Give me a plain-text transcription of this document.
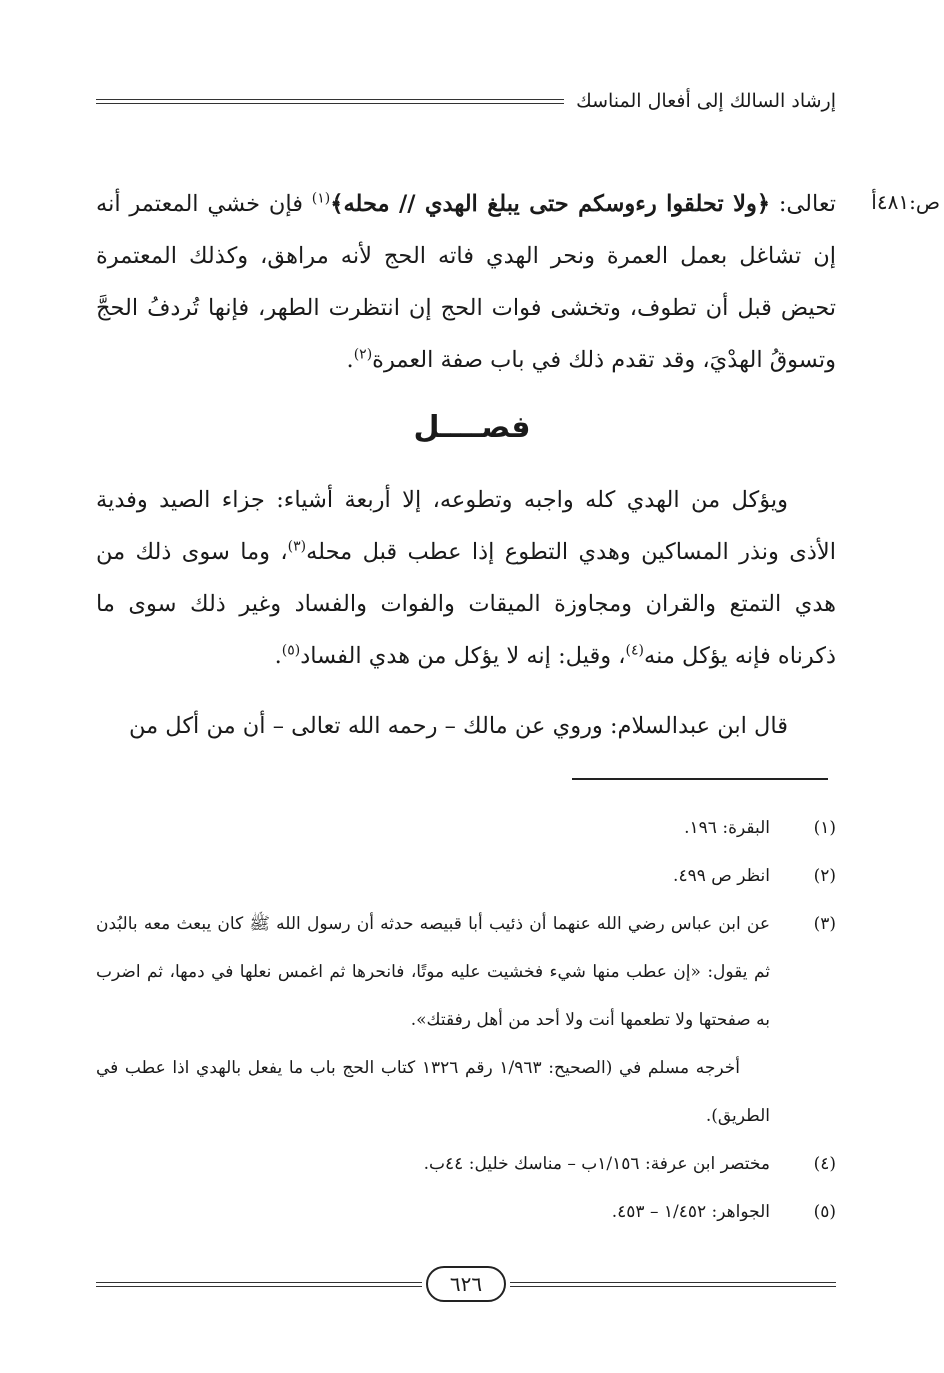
إرشاد السالك إلى أفعال المناسك
ص:٤٨١أ

تعالى: ﴿ولا تحلقوا رءوسكم حتى يبلغ الهدي // محله﴾$^{(١)}$ فإن خشي المعتمر أنه إن تشاغل بعمل العمرة ونحر الهدي فاته الحج لأنه مراهق، وكذلك المعتمرة تحيض قبل أن تطوف، وتخشى فوات الحج إن انتظرت الطهر، فإنها تُردفُ الحجَّ وتسوقُ الهدْيَ، وقد تقدم ذلك في باب صفة العمرة$^{(٢)}$.

فصــــل

ويؤكل من الهدي كله واجبه وتطوعه، إلا أربعة أشياء: جزاء الصيد وفدية الأذى ونذر المساكين وهدي التطوع إذا عطب قبل محله$^{(٣)}$، وما سوى ذلك من هدي التمتع والقران ومجاوزة الميقات والفوات والفساد وغير ذلك سوى ما ذكرناه فإنه يؤكل منه$^{(٤)}$، وقيل: إنه لا يؤكل من هدي الفساد$^{(٥)}$.

قال ابن عبدالسلام: وروي عن مالك – رحمه الله تعالى – أن من أكل من

(١)
البقرة: ١٩٦.
(٢)
انظر ص ٤٩٩.
(٣)
عن ابن عباس رضي الله عنهما أن ذئيب أبا قبيصه حدثه أن رسول الله ﷺ كان يبعث معه بالبُدن ثم يقول: «إن عطب منها شيء فخشيت عليه موتًا، فانحرها ثم اغمس نعلها في دمها، ثم اضرب به صفحتها ولا تطعمها أنت ولا أحد من أهل رفقتك».
أخرجه مسلم في (الصحيح: ١/٩٦٣ رقم ١٣٢٦ كتاب الحج باب ما يفعل بالهدي اذا عطب في الطريق).
(٤)
مختصر ابن عرفة: ١/١٥٦ب – مناسك خليل: ٤٤ب.
(٥)
الجواهر: ١/٤٥٢ – ٤٥٣.
٦٢٦
